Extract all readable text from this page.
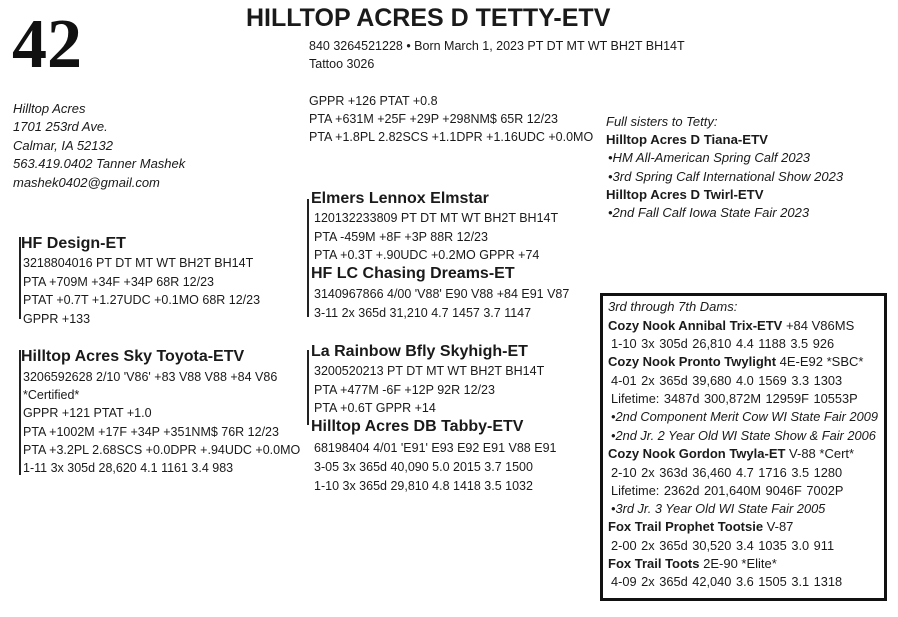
42	HILLTOP ACRES D TETTY-ETV
840 3264521228 • Born March 1, 2023 PT DT MT WT BH2T BH14T
Tattoo 3026
GPPR +126 PTAT +0.8
PTA +631M +25F +29P +298NM$ 65R 12/23
PTA +1.8PL 2.82SCS +1.1DPR +1.16UDC +0.0MO
Hilltop Acres
1701 253rd Ave.
Calmar, IA 52132
563.419.0402 Tanner Mashek
mashek0402@gmail.com
Full sisters to Tetty:
Hilltop Acres D Tiana-ETV
•HM All-American Spring Calf 2023
•3rd Spring Calf International Show 2023
Hilltop Acres D Twirl-ETV
•2nd Fall Calf Iowa State Fair 2023
HF Design-ET
3218804016 PT DT MT WT BH2T BH14T
PTA +709M +34F +34P 68R 12/23
PTAT +0.7T +1.27UDC +0.1MO 68R 12/23
GPPR +133
Hilltop Acres Sky Toyota-ETV
3206592628 2/10 'V86' +83 V88 V88 +84 V86
*Certified*
GPPR +121 PTAT +1.0
PTA +1002M +17F +34P +351NM$ 76R 12/23
PTA +3.2PL 2.68SCS +0.0DPR +.94UDC +0.0MO
1-11 3x 305d 28,620 4.1 1161 3.4 983
Elmers Lennox Elmstar
120132233809 PT DT MT WT BH2T BH14T
PTA -459M +8F +3P 88R 12/23
PTA +0.3T +.90UDC +0.2MO GPPR +74
HF LC Chasing Dreams-ET
3140967866 4/00 'V88' E90 V88 +84 E91 V87
3-11 2x 365d 31,210 4.7 1457 3.7 1147
La Rainbow Bfly Skyhigh-ET
3200520213 PT DT MT WT BH2T BH14T
PTA +477M -6F +12P 92R 12/23
PTA +0.6T GPPR +14
Hilltop Acres DB Tabby-ETV
68198404 4/01 'E91' E93 E92 E91 V88 E91
3-05 3x 365d 40,090 5.0 2015 3.7 1500
1-10 3x 365d 29,810 4.8 1418 3.5 1032
3rd through 7th Dams:
Cozy Nook Annibal Trix-ETV +84 V86MS
1-10 3x 305d 26,810 4.4 1188 3.5 926
Cozy Nook Pronto Twylight 4E-E92 *SBC*
4-01 2x 365d 39,680 4.0 1569 3.3 1303
Lifetime: 3487d 300,872M 12959F 10553P
•2nd Component Merit Cow WI State Fair 2009
•2nd Jr. 2 Year Old WI State Show & Fair 2006
Cozy Nook Gordon Twyla-ET V-88 *Cert*
2-10 2x 363d 36,460 4.7 1716 3.5 1280
Lifetime: 2362d 201,640M 9046F 7002P
•3rd Jr. 3 Year Old WI State Fair 2005
Fox Trail Prophet Tootsie V-87
2-00 2x 365d 30,520 3.4 1035 3.0 911
Fox Trail Toots 2E-90 *Elite*
4-09 2x 365d 42,040 3.6 1505 3.1 1318
